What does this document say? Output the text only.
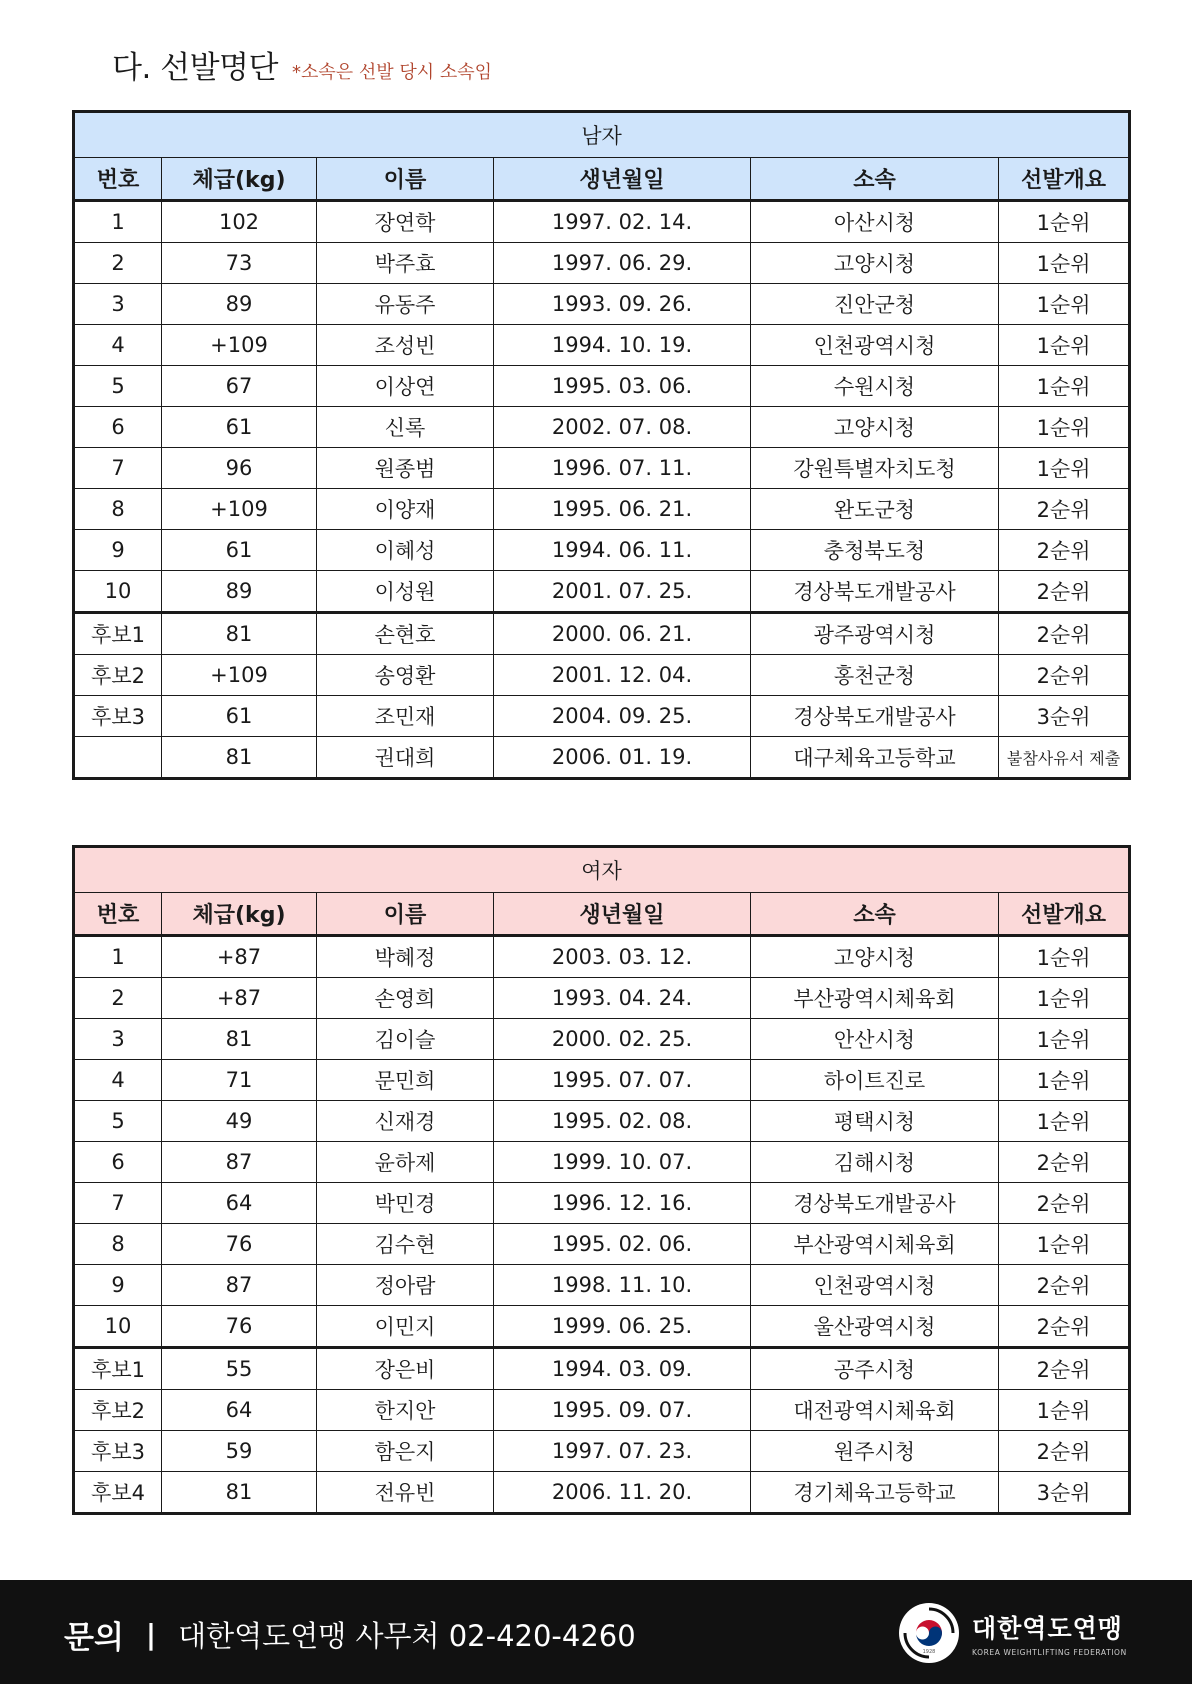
다. 선발명단 *소속은 선발 당시 소속임
남자					
번호	체급(kg)	이름	생년월일	소속	선발개요
1	102	장연학	1997. 02. 14.	아산시청	1순위
2	73	박주효	1997. 06. 29.	고양시청	1순위
3	89	유동주	1993. 09. 26.	진안군청	1순위
4	+109	조성빈	1994. 10. 19.	인천광역시청	1순위
5	67	이상연	1995. 03. 06.	수원시청	1순위
6	61	신록	2002. 07. 08.	고양시청	1순위
7	96	원종범	1996. 07. 11.	강원특별자치도청	1순위
8	+109	이양재	1995. 06. 21.	완도군청	2순위
9	61	이혜성	1994. 06. 11.	충청북도청	2순위
10	89	이성원	2001. 07. 25.	경상북도개발공사	2순위
후보1	81	손현호	2000. 06. 21.	광주광역시청	2순위
후보2	+109	송영환	2001. 12. 04.	홍천군청	2순위
후보3	61	조민재	2004. 09. 25.	경상북도개발공사	3순위
	81	권대희	2006. 01. 19.	대구체육고등학교	불참사유서 제출
여자					
번호	체급(kg)	이름	생년월일	소속	선발개요
1	+87	박혜정	2003. 03. 12.	고양시청	1순위
2	+87	손영희	1993. 04. 24.	부산광역시체육회	1순위
3	81	김이슬	2000. 02. 25.	안산시청	1순위
4	71	문민희	1995. 07. 07.	하이트진로	1순위
5	49	신재경	1995. 02. 08.	평택시청	1순위
6	87	윤하제	1999. 10. 07.	김해시청	2순위
7	64	박민경	1996. 12. 16.	경상북도개발공사	2순위
8	76	김수현	1995. 02. 06.	부산광역시체육회	1순위
9	87	정아람	1998. 11. 10.	인천광역시청	2순위
10	76	이민지	1999. 06. 25.	울산광역시청	2순위
후보1	55	장은비	1994. 03. 09.	공주시청	2순위
후보2	64	한지안	1995. 09. 07.	대전광역시체육회	1순위
후보3	59	함은지	1997. 07. 23.	원주시청	2순위
후보4	81	전유빈	2006. 11. 20.	경기체육고등학교	3순위
문의 | 대한역도연맹 사무처 02-420-4260	1928
대한역도연맹
KOREA WEIGHTLIFTING FEDERATION
